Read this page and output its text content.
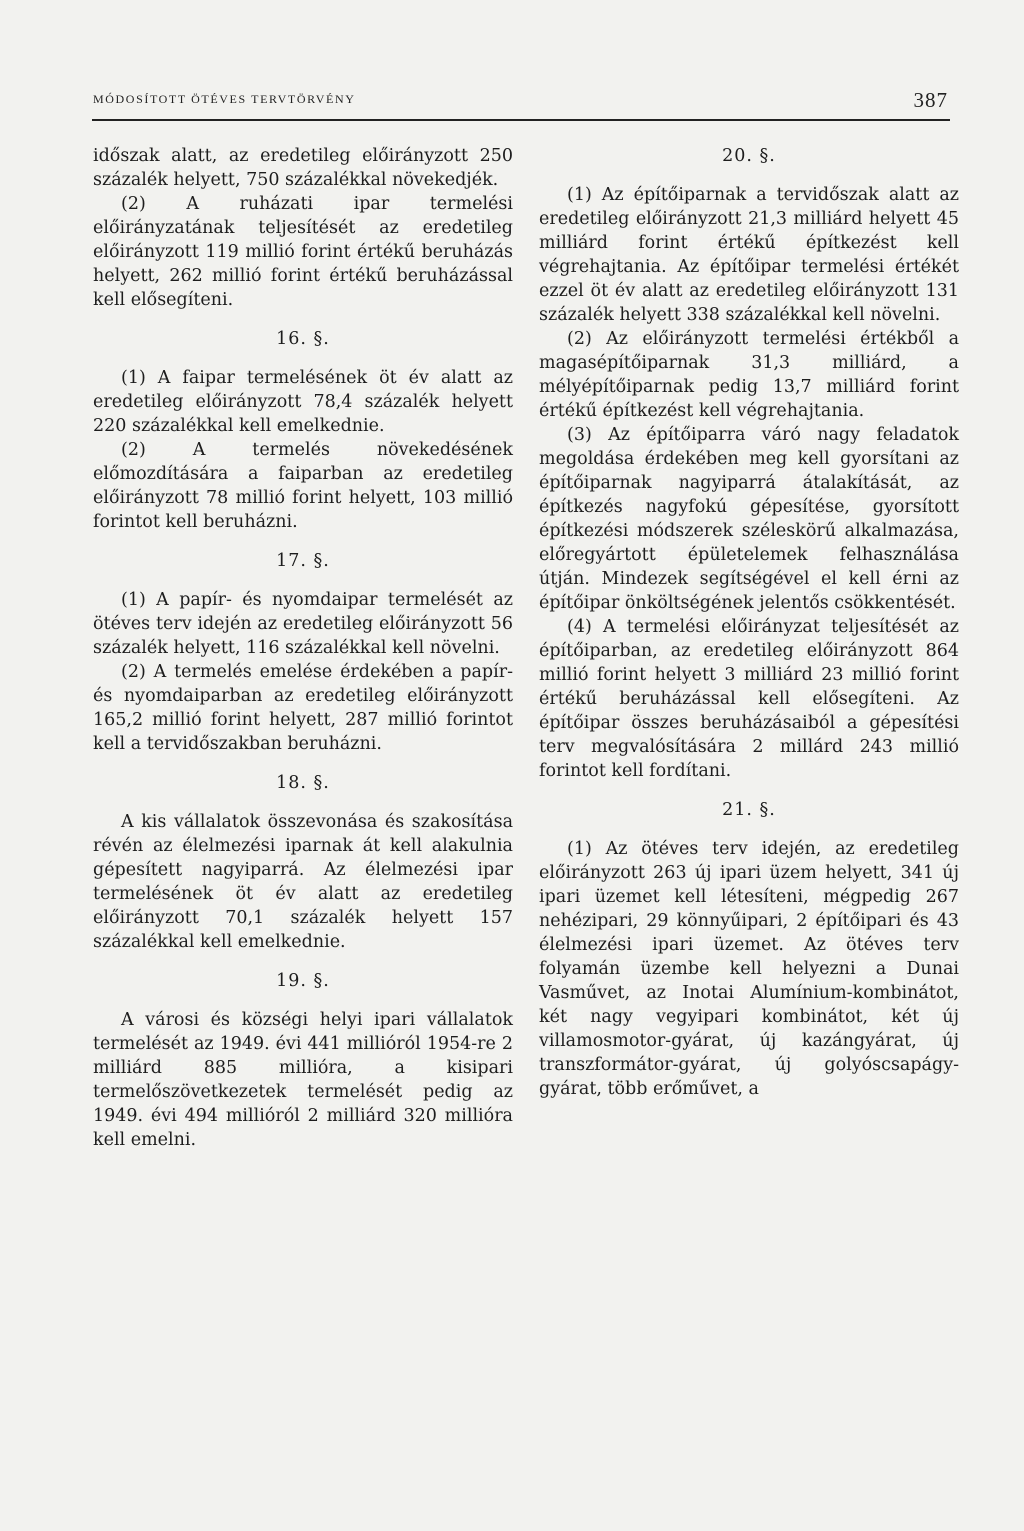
MÓDOSÍTOTT ÖTÉVES TERVTÖRVÉNY	387

időszak alatt, az eredetileg előirányzott 250 százalék helyett, 750 százalékkal növekedjék.

(2) A ruházati ipar termelési előirányzatának teljesítését az eredetileg előirányzott 119 millió forint értékű beruházás helyett, 262 millió forint értékű beruházással kell elősegíteni.

16. §.

(1) A faipar termelésének öt év alatt az eredetileg előirányzott 78,4 százalék helyett 220 százalékkal kell emelkednie.

(2) A termelés növekedésének előmozdítására a faiparban az eredetileg előirányzott 78 millió forint helyett, 103 millió forintot kell beruházni.

17. §.

(1) A papír- és nyomdaipar termelését az ötéves terv idején az eredetileg előirányzott 56 százalék helyett, 116 százalékkal kell növelni.

(2) A termelés emelése érdekében a papír- és nyomdaiparban az eredetileg előirányzott 165,2 millió forint helyett, 287 millió forintot kell a tervidőszakban beruházni.

18. §.

A kis vállalatok összevonása és szakosítása révén az élelmezési iparnak át kell alakulnia gépesített nagyiparrá. Az élelmezési ipar termelésének öt év alatt az eredetileg előirányzott 70,1 százalék helyett 157 százalékkal kell emelkednie.

19. §.

A városi és községi helyi ipari vállalatok termelését az 1949. évi 441 millióról 1954-re 2 milliárd 885 millióra, a kisipari termelőszövetkezetek termelését pedig az 1949. évi 494 millióról 2 milliárd 320 millióra kell emelni.

20. §.

(1) Az építőiparnak a tervidőszak alatt az eredetileg előirányzott 21,3 milliárd helyett 45 milliárd forint értékű építkezést kell végrehajtania. Az építőipar termelési értékét ezzel öt év alatt az eredetileg előirányzott 131 százalék helyett 338 százalékkal kell növelni.

(2) Az előirányzott termelési értékből a magasépítőiparnak 31,3 milliárd, a mélyépítőiparnak pedig 13,7 milliárd forint értékű építkezést kell végrehajtania.

(3) Az építőiparra váró nagy feladatok megoldása érdekében meg kell gyorsítani az építőiparnak nagyiparrá átalakítását, az építkezés nagyfokú gépesítése, gyorsított építkezési módszerek széleskörű alkalmazása, előregyártott épületelemek felhasználása útján. Mindezek segítségével el kell érni az építőipar önköltségének jelentős csökkentését.

(4) A termelési előirányzat teljesítését az építőiparban, az eredetileg előirányzott 864 millió forint helyett 3 milliárd 23 millió forint értékű beruházással kell elősegíteni. Az építőipar összes beruházásaiból a gépesítési terv megvalósítására 2 millárd 243 millió forintot kell fordítani.

21. §.

(1) Az ötéves terv idején, az eredetileg előirányzott 263 új ipari üzem helyett, 341 új ipari üzemet kell létesíteni, mégpedig 267 nehézipari, 29 könnyűipari, 2 építőipari és 43 élelmezési ipari üzemet. Az ötéves terv folyamán üzembe kell helyezni a Dunai Vasművet, az Inotai Alumínium-kombinátot, két nagy vegyipari kombinátot, két új villamosmotor-gyárat, új kazángyárat, új transzformátor-gyárat, új golyóscsapágy-gyárat, több erőművet, a
